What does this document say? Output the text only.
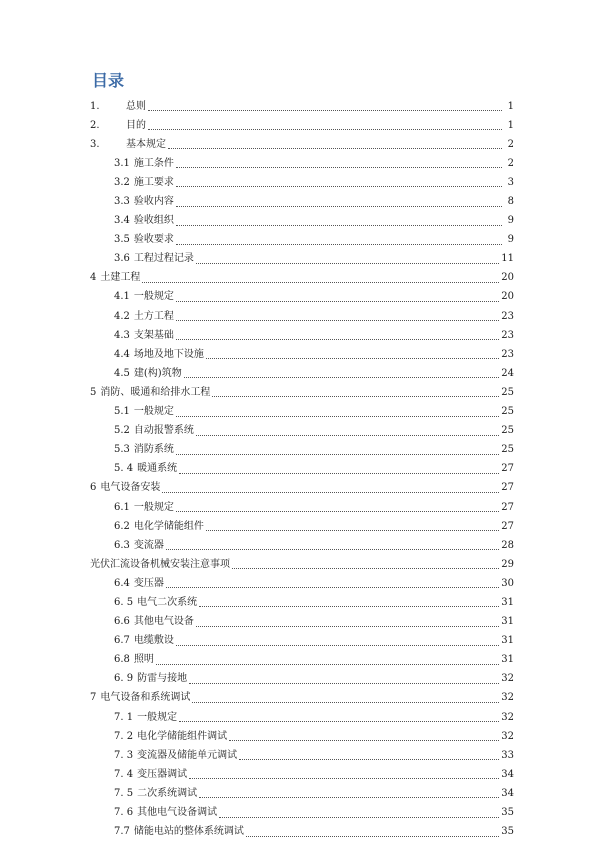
目录
1.	总则	1
2.	目的	1
3.	基本规定	2
3.1 施工条件	2
3.2 施工要求	3
3.3 验收内容	8
3.4 验收组织	9
3.5 验收要求	9
3.6 工程过程记录	11
4 土建工程	20
4.1 一般规定	20
4.2 土方工程	23
4.3 支架基础	23
4.4 场地及地下设施	23
4.5 建(构)筑物	24
5 消防、暖通和给排水工程	25
5.1 一般规定	25
5.2 自动报警系统	25
5.3 消防系统	25
5. 4 暖通系统	27
6 电气设备安装	27
6.1 一般规定	27
6.2 电化学储能组件	27
6.3 变流器	28
光伏汇流设备机械安装注意事项	29
6.4 变压器	30
6. 5 电气二次系统	31
6.6 其他电气设备	31
6.7 电缆敷设	31
6.8 照明	31
6. 9 防雷与接地	32
7 电气设备和系统调试	32
7. 1 一般规定	32
7. 2 电化学储能组件调试	32
7. 3 变流器及储能单元调试	33
7. 4 变压器调试	34
7. 5 二次系统调试	34
7. 6 其他电气设备调试	35
7.7 储能电站的整体系统调试	35
